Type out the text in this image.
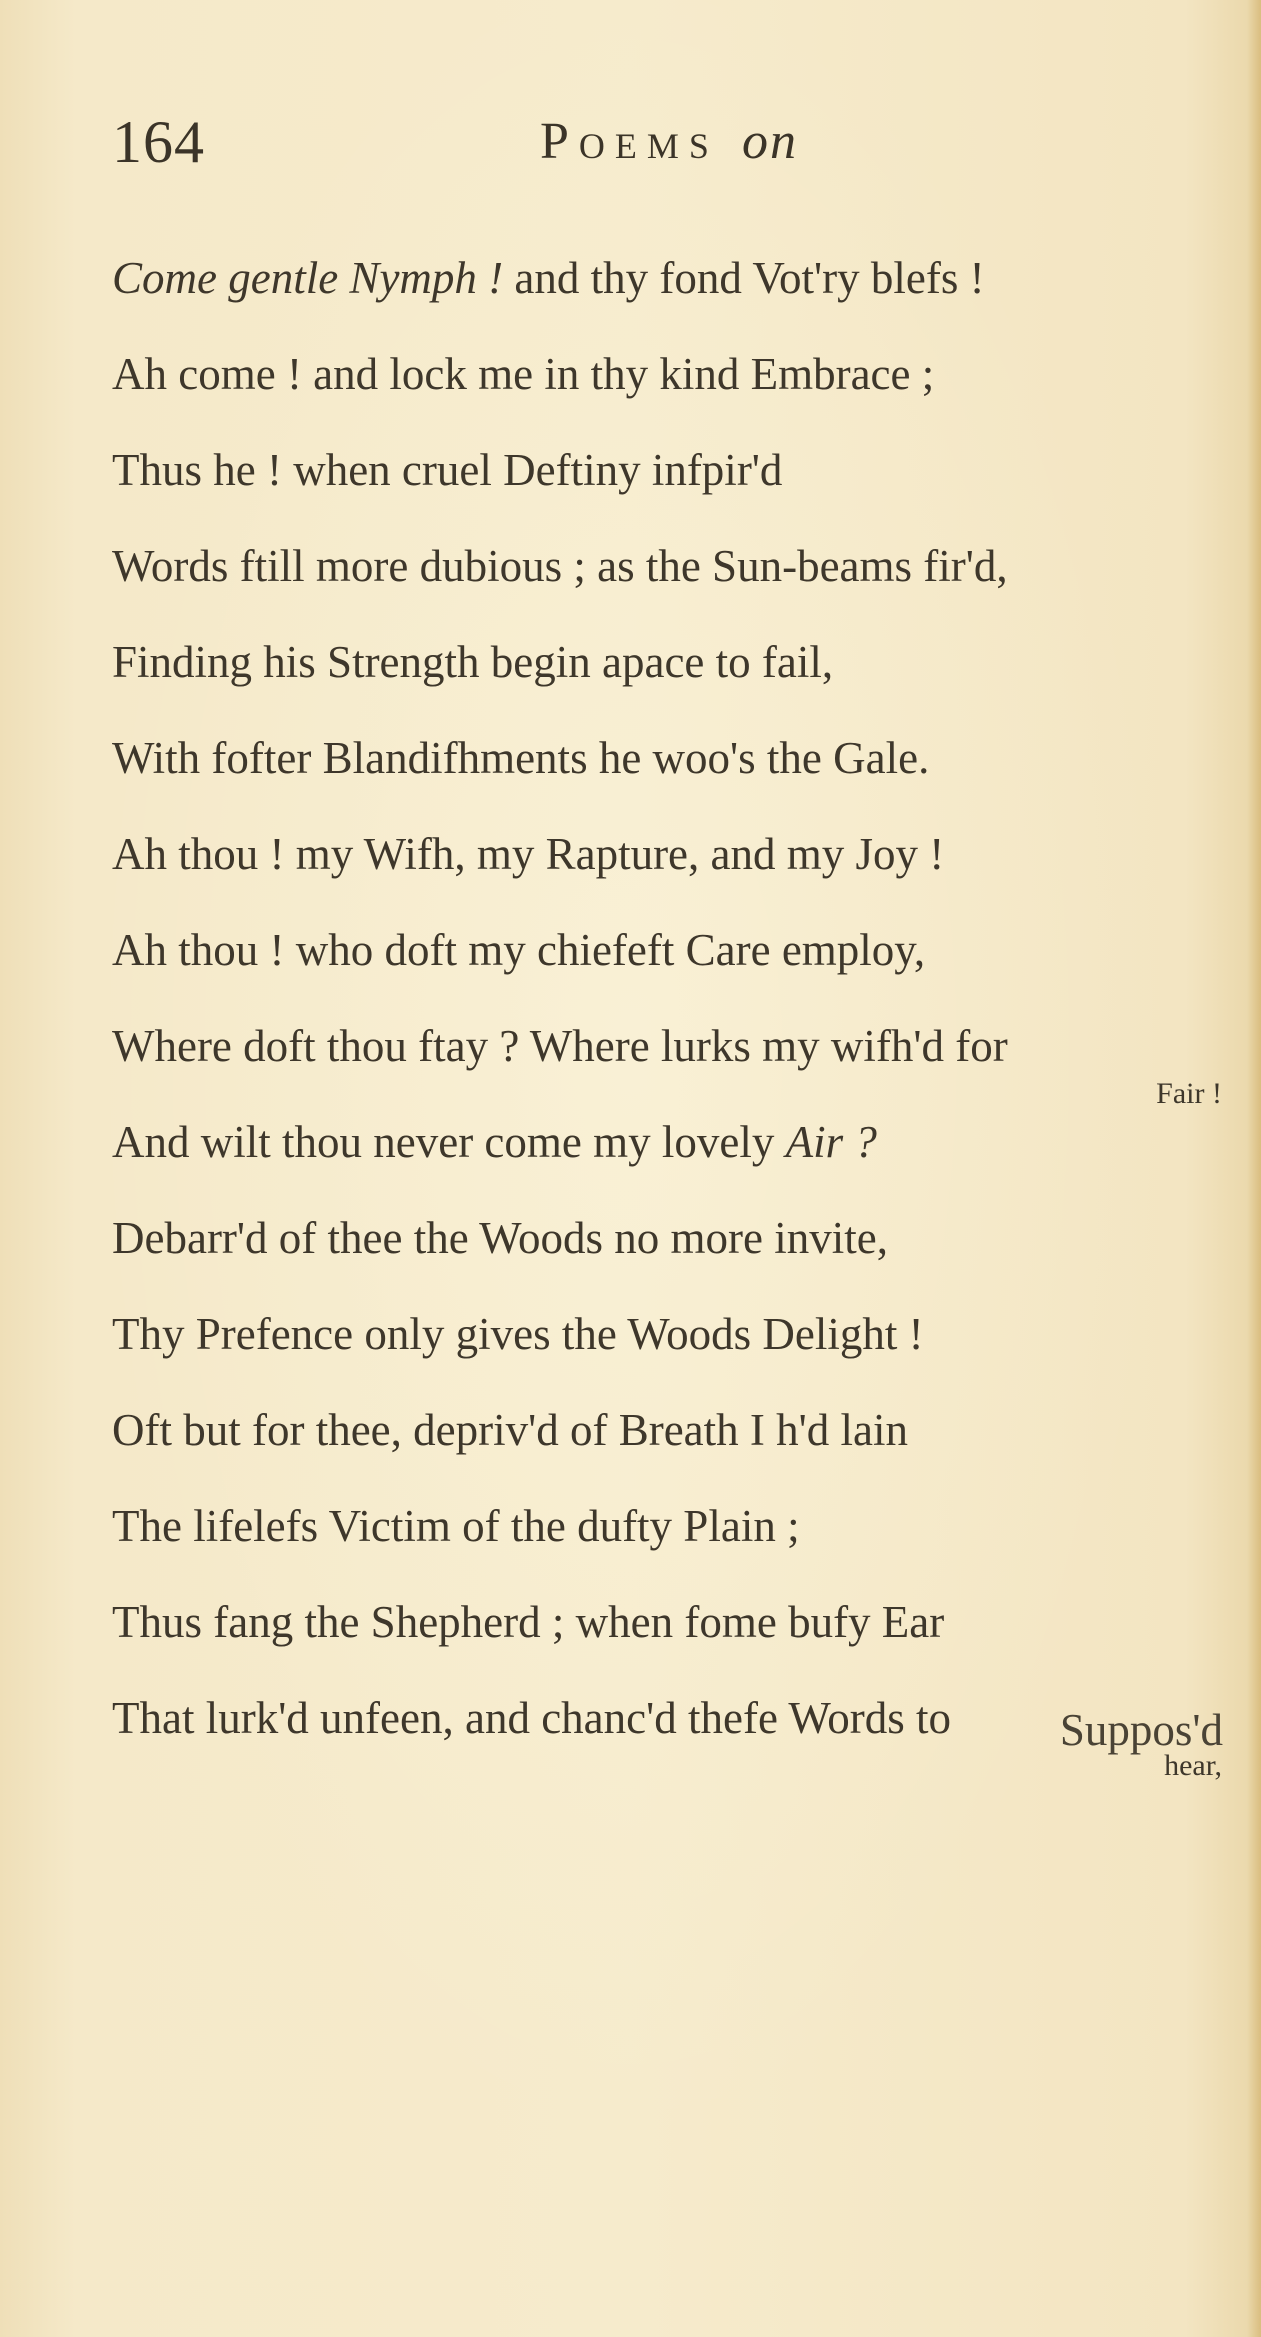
164	Poems on
Come gentle Nymph ! and thy fond Vot'ry blefs !
Ah come ! and lock me in thy kind Embrace ;
Thus he ! when cruel Deftiny infpir'd
Words ftill more dubious ; as the Sun-beams fir'd,
Finding his Strength begin apace to fail,
With fofter Blandifhments he woo's the Gale.
Ah thou ! my Wifh, my Rapture, and my Joy !
Ah thou ! who doft my chiefeft Care employ,
Where doft thou ftay ? Where lurks my wifh'd for
Fair !
And wilt thou never come my lovely Air ?
Debarr'd of thee the Woods no more invite,
Thy Prefence only gives the Woods Delight !
Oft but for thee, depriv'd of Breath I h'd lain
The lifelefs Victim of the dufty Plain ;
Thus fang the Shepherd ; when fome bufy Ear
That lurk'd unfeen, and chanc'd thefe Words to
hear,
Suppos'd
